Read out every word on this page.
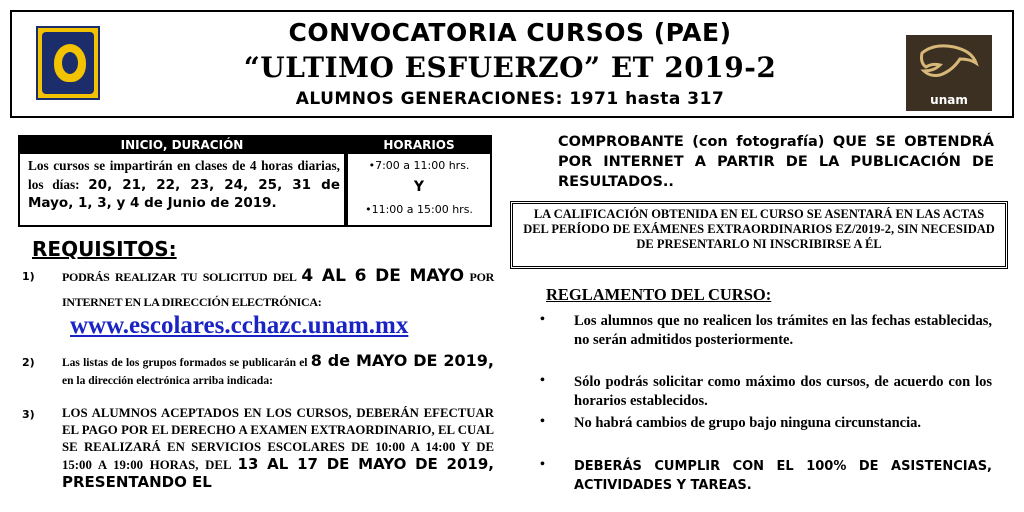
CONVOCATORIA CURSOS (PAE)
“ULTIMO ESFUERZO” ET 2019-2
ALUMNOS GENERACIONES: 1971 hasta 317	unam
INICIO, DURACIÓN	HORARIOS
Los cursos se impartirán en clases de 4 horas diarias, los días: 20, 21, 22, 23, 24, 25, 31 de Mayo, 1, 3, y 4 de Junio de 2019.
•7:00 a 11:00 hrs.
Y
•11:00 a 15:00 hrs.
REQUISITOS:
1) PODRÁS REALIZAR TU SOLICITUD DEL 4 AL 6 DE MAYO POR INTERNET EN LA DIRECCIÓN ELECTRÓNICA:
www.escolares.cchazc.unam.mx
2) Las listas de los grupos formados se publicarán el 8 de MAYO DE 2019, en la dirección electrónica arriba indicada:
3) LOS ALUMNOS ACEPTADOS EN LOS CURSOS, DEBERÁN EFECTUAR EL PAGO POR EL DERECHO A EXAMEN EXTRAORDINARIO, EL CUAL SE REALIZARÁ EN SERVICIOS ESCOLARES DE 10:00 A 14:00 Y DE 15:00 A 19:00 HORAS, DEL 13 AL 17 DE MAYO DE 2019, PRESENTANDO EL
COMPROBANTE (con fotografía) QUE SE OBTENDRÁ POR INTERNET A PARTIR DE LA PUBLICACIÓN DE RESULTADOS..
LA CALIFICACIÓN OBTENIDA EN EL CURSO SE ASENTARÁ EN LAS ACTAS DEL PERÍODO DE EXÁMENES EXTRAORDINARIOS EZ/2019-2, SIN NECESIDAD DE PRESENTARLO NI INSCRIBIRSE A ÉL
REGLAMENTO DEL CURSO:
• Los alumnos que no realicen los trámites en las fechas establecidas, no serán admitidos posteriormente.
• Sólo podrás solicitar como máximo dos cursos, de acuerdo con los horarios establecidos.
• No habrá cambios de grupo bajo ninguna circunstancia.
• DEBERÁS CUMPLIR CON EL 100% DE ASISTENCIAS, ACTIVIDADES Y TAREAS.
